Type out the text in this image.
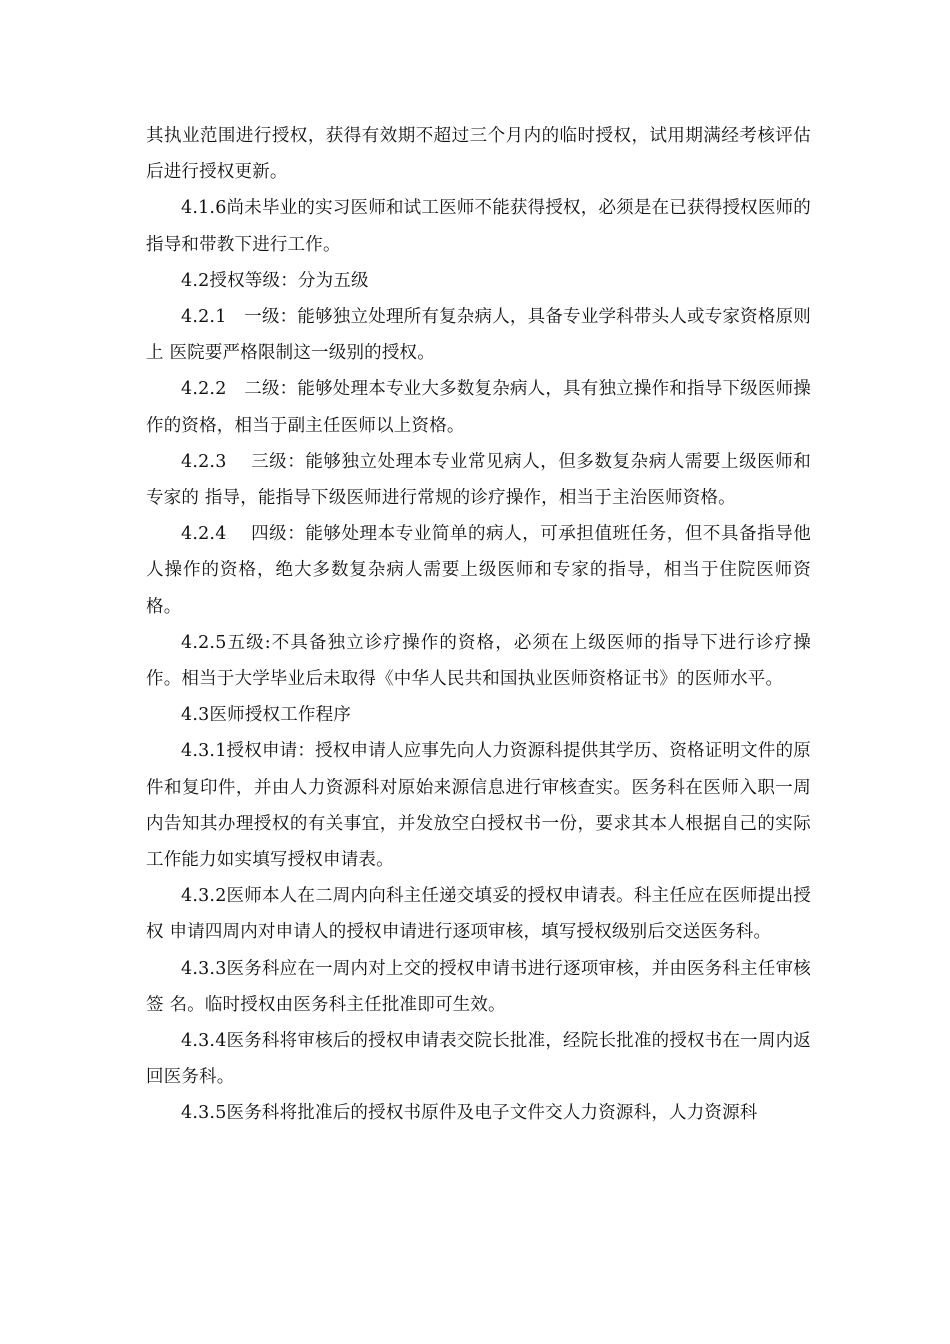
其执业范围进行授权，获得有效期不超过三个月内的临时授权，试用期满经考核评估后进行授权更新。

4.1.6尚未毕业的实习医师和试工医师不能获得授权，必须是在已获得授权医师的指导和带教下进行工作。

4.2授权等级：分为五级

4.2.1　一级：能够独立处理所有复杂病人，具备专业学科带头人或专家资格原则上 医院要严格限制这一级别的授权。

4.2.2　二级：能够处理本专业大多数复杂病人，具有独立操作和指导下级医师操作的资格，相当于副主任医师以上资格。

4.2.3　 三级：能够独立处理本专业常见病人，但多数复杂病人需要上级医师和专家的 指导，能指导下级医师进行常规的诊疗操作，相当于主治医师资格。

4.2.4　 四级：能够处理本专业简单的病人，可承担值班任务，但不具备指导他人操作的资格，绝大多数复杂病人需要上级医师和专家的指导，相当于住院医师资格。

4.2.5五级:不具备独立诊疗操作的资格，必须在上级医师的指导下进行诊疗操作。相当于大学毕业后未取得《中华人民共和国执业医师资格证书》的医师水平。

4.3医师授权工作程序

4.3.1授权申请：授权申请人应事先向人力资源科提供其学历、资格证明文件的原件和复印件，并由人力资源科对原始来源信息进行审核查实。医务科在医师入职一周内告知其办理授权的有关事宜，并发放空白授权书一份，要求其本人根据自己的实际工作能力如实填写授权申请表。

4.3.2医师本人在二周内向科主任递交填妥的授权申请表。科主任应在医师提出授权 申请四周内对申请人的授权申请进行逐项审核，填写授权级别后交送医务科。

4.3.3医务科应在一周内对上交的授权申请书进行逐项审核，并由医务科主任审核签 名。临时授权由医务科主任批准即可生效。

4.3.4医务科将审核后的授权申请表交院长批准，经院长批准的授权书在一周内返回医务科。

4.3.5医务科将批准后的授权书原件及电子文件交人力资源科，人力资源科
